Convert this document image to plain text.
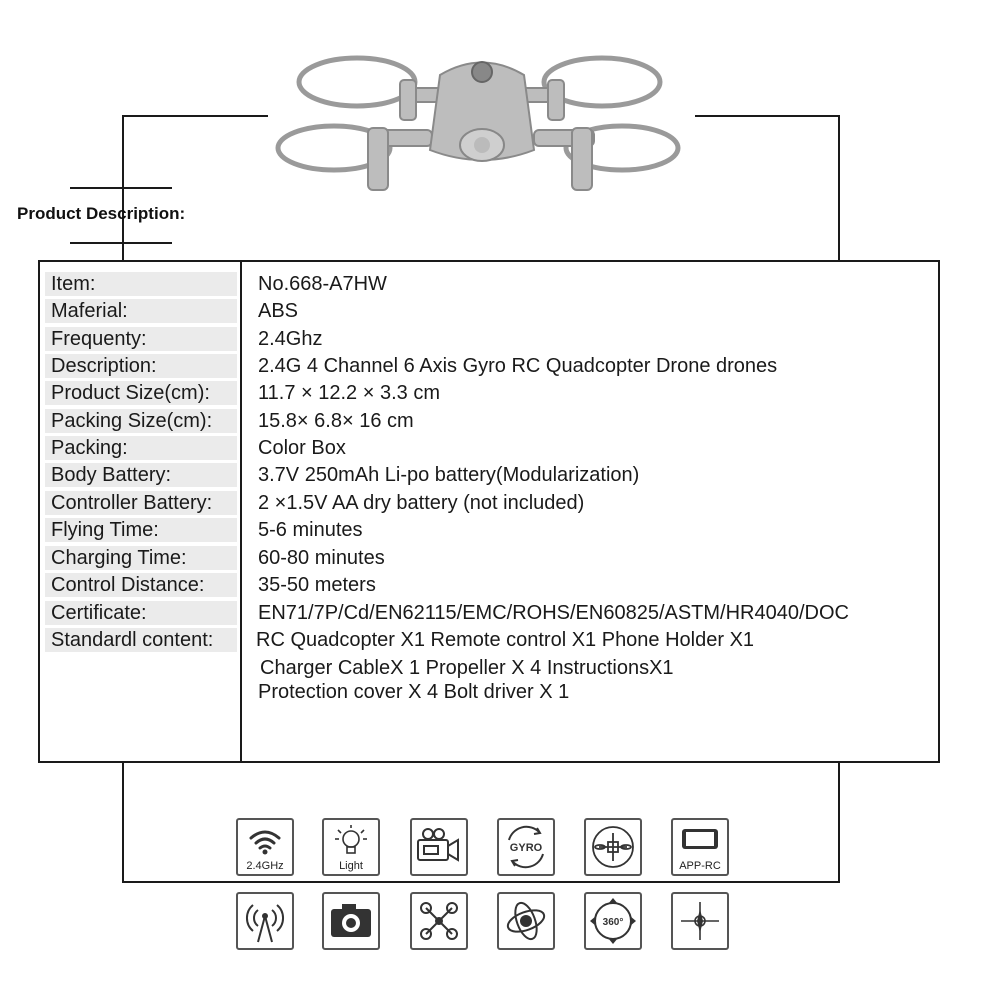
Product Description:
Item:	No.668-A7HW
Maferial:	ABS
Frequenty:	2.4Ghz
Description:	2.4G 4 Channel 6 Axis Gyro RC Quadcopter Drone drones
Product Size(cm):	11.7 × 12.2 × 3.3 cm
Packing Size(cm):	15.8× 6.8× 16 cm
Packing:	Color Box
Body Battery:	3.7V 250mAh Li-po battery(Modularization)
Controller Battery:	2 ×1.5V AA dry battery (not included)
Flying Time:	5-6 minutes
Charging Time:	60-80 minutes
Control Distance:	35-50 meters
Certificate:	EN71/7P/Cd/EN62115/EMC/ROHS/EN60825/ASTM/HR4040/DOC
Standardl content:	RC Quadcopter X1 Remote control X1 Phone Holder X1
Charger CableX 1 Propeller X 4 InstructionsX1
Protection cover X 4 Bolt driver X 1
2.4GHz	Light
GYRO
APP-RC
360°
